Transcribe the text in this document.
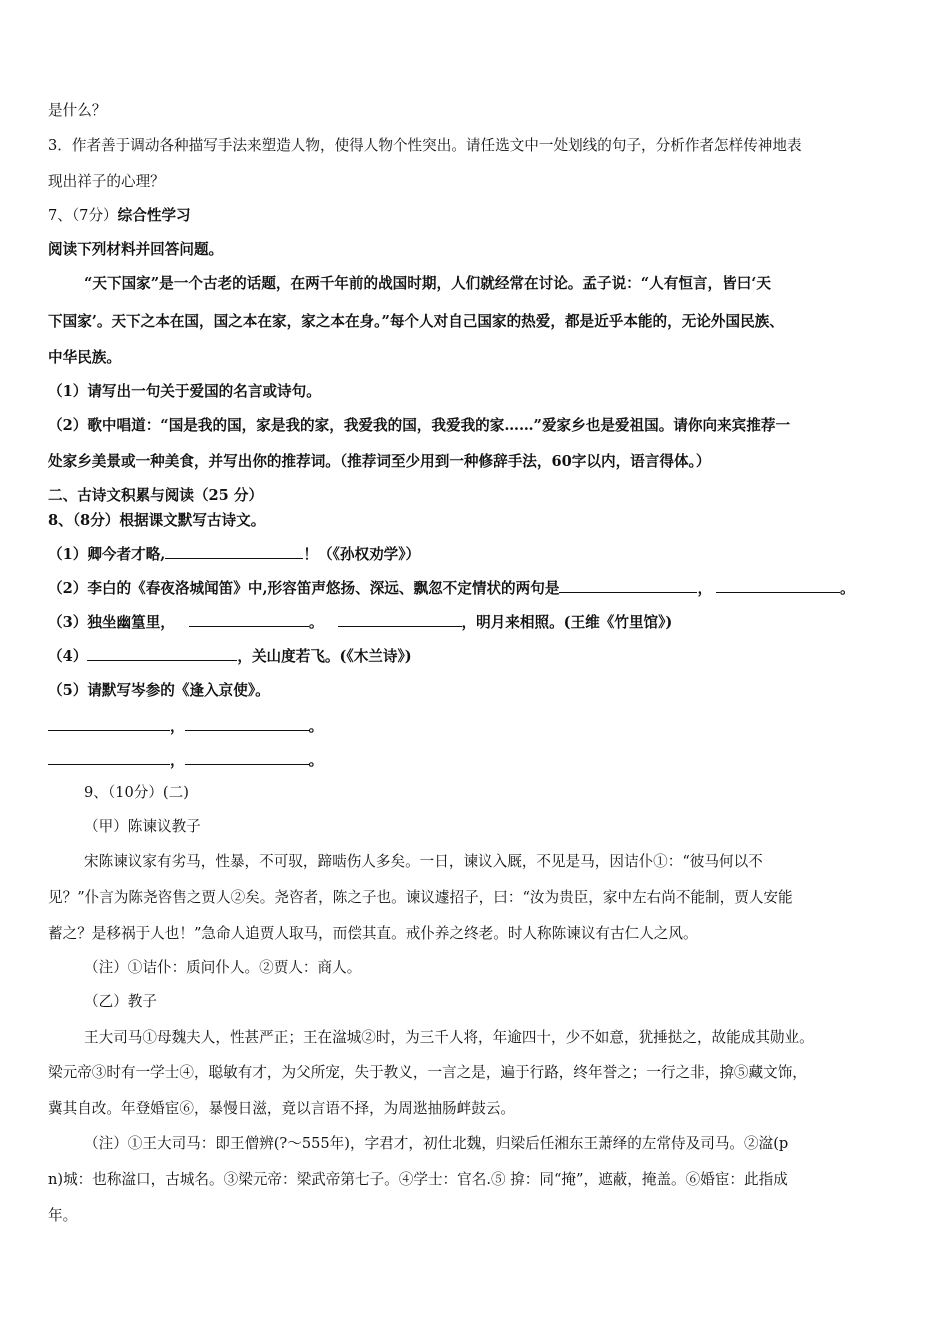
是什么？
3．作者善于调动各种描写手法来塑造人物，使得人物个性突出。请任选文中一处划线的句子，分析作者怎样传神地表
现出祥子的心理？
7、（7分）综合性学习
阅读下列材料并回答问题。
“天下国家”是一个古老的话题，在两千年前的战国时期，人们就经常在讨论。孟子说：“人有恒言，皆曰‘天
下国家’。天下之本在国，国之本在家，家之本在身。”每个人对自己国家的热爱，都是近乎本能的，无论外国民族、
中华民族。
（1）请写出一句关于爱国的名言或诗句。
（2）歌中唱道：“国是我的国，家是我的家，我爱我的国，我爱我的家……”爱家乡也是爱祖国。请你向来宾推荐一
处家乡美景或一种美食，并写出你的推荐词。（推荐词至少用到一种修辞手法，60字以内，语言得体。）
二、古诗文积累与阅读（25 分）
8、（8分）根据课文默写古诗文。
（1）卿今者才略,	！（《孙权劝学》）
（2）李白的《春夜洛城闻笛》中,形容笛声悠扬、深远、飘忽不定情状的两句是	，	。
（3）独坐幽篁里，	。	，明月来相照。(王维《竹里馆》)
（4）	，关山度若飞。(《木兰诗》)
（5）请默写岑参的《逢入京使》。
，	。
，	。
9、（10分）(二)
（甲）陈谏议教子
宋陈谏议家有劣马，性暴，不可驭，蹄啮伤人多矣。一日，谏议入厩，不见是马，因诘仆①：“彼马何以不
见？”仆言为陈尧咨售之贾人②矣。尧咨者，陈之子也。谏议遽招子，曰：“汝为贵臣，家中左右尚不能制，贾人安能
蓄之？是移祸于人也！”急命人追贾人取马，而偿其直。戒仆养之终老。时人称陈谏议有古仁人之风。
（注）①诘仆：质问仆人。②贾人：商人。
（乙）教子
王大司马①母魏夫人，性甚严正；王在湓城②时，为三千人将，年逾四十，少不如意，犹捶挞之，故能成其勋业。
梁元帝③时有一学士④，聪敏有才，为父所宠，失于教义，一言之是，遍于行路，终年誉之；一行之非，揜⑤藏文饰，
冀其自改。年登婚宦⑥，暴慢日滋，竟以言语不择，为周逖抽肠衅鼓云。
（注）①王大司马：即王僧辨(?～555年)，字君才，初仕北魏，归梁后任湘东王萧绎的左常侍及司马。②湓(p
n)城：也称湓口，古城名。③梁元帝：梁武帝第七子。④学士：官名.⑤ 揜：同“掩”，遮蔽，掩盖。⑥婚宦：此指成
年。
